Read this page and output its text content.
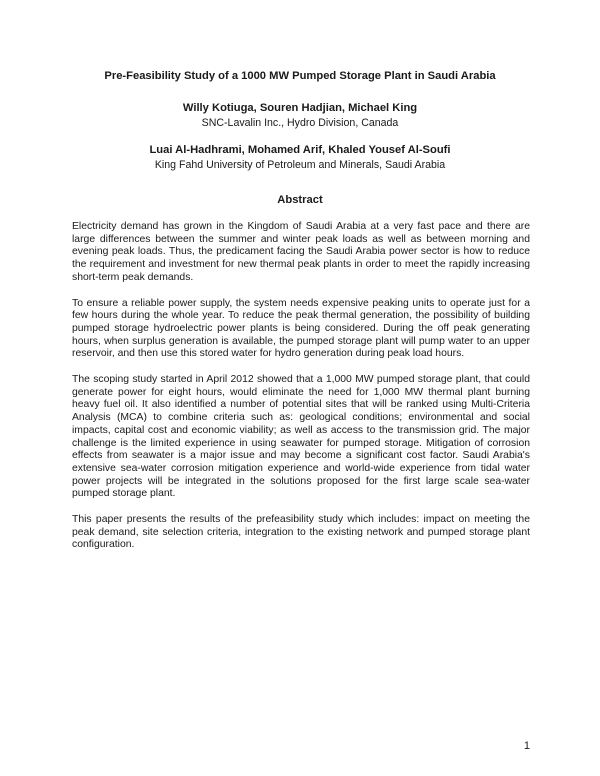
Pre-Feasibility Study of a 1000 MW Pumped Storage Plant in Saudi Arabia
Willy Kotiuga, Souren Hadjian, Michael King
SNC-Lavalin Inc., Hydro Division, Canada
Luai Al-Hadhrami, Mohamed Arif, Khaled Yousef Al-Soufi
King Fahd University of Petroleum and Minerals, Saudi Arabia
Abstract

Electricity demand has grown in the Kingdom of Saudi Arabia at a very fast pace and there are large differences between the summer and winter peak loads as well as between morning and evening peak loads. Thus, the predicament facing the Saudi Arabia power sector is how to reduce the requirement and investment for new thermal peak plants in order to meet the rapidly increasing short-term peak demands.

To ensure a reliable power supply, the system needs expensive peaking units to operate just for a few hours during the whole year. To reduce the peak thermal generation, the possibility of building pumped storage hydroelectric power plants is being considered. During the off peak generating hours, when surplus generation is available, the pumped storage plant will pump water to an upper reservoir, and then use this stored water for hydro generation during peak load hours.

The scoping study started in April 2012 showed that a 1,000 MW pumped storage plant, that could generate power for eight hours, would eliminate the need for 1,000 MW thermal plant burning heavy fuel oil. It also identified a number of potential sites that will be ranked using Multi-Criteria Analysis (MCA) to combine criteria such as: geological conditions; environmental and social impacts, capital cost and economic viability; as well as access to the transmission grid. The major challenge is the limited experience in using seawater for pumped storage. Mitigation of corrosion effects from seawater is a major issue and may become a significant cost factor. Saudi Arabia's extensive sea-water corrosion mitigation experience and world-wide experience from tidal water power projects will be integrated in the solutions proposed for the first large scale sea-water pumped storage plant.

This paper presents the results of the prefeasibility study which includes: impact on meeting the peak demand, site selection criteria, integration to the existing network and pumped storage plant configuration.

1
